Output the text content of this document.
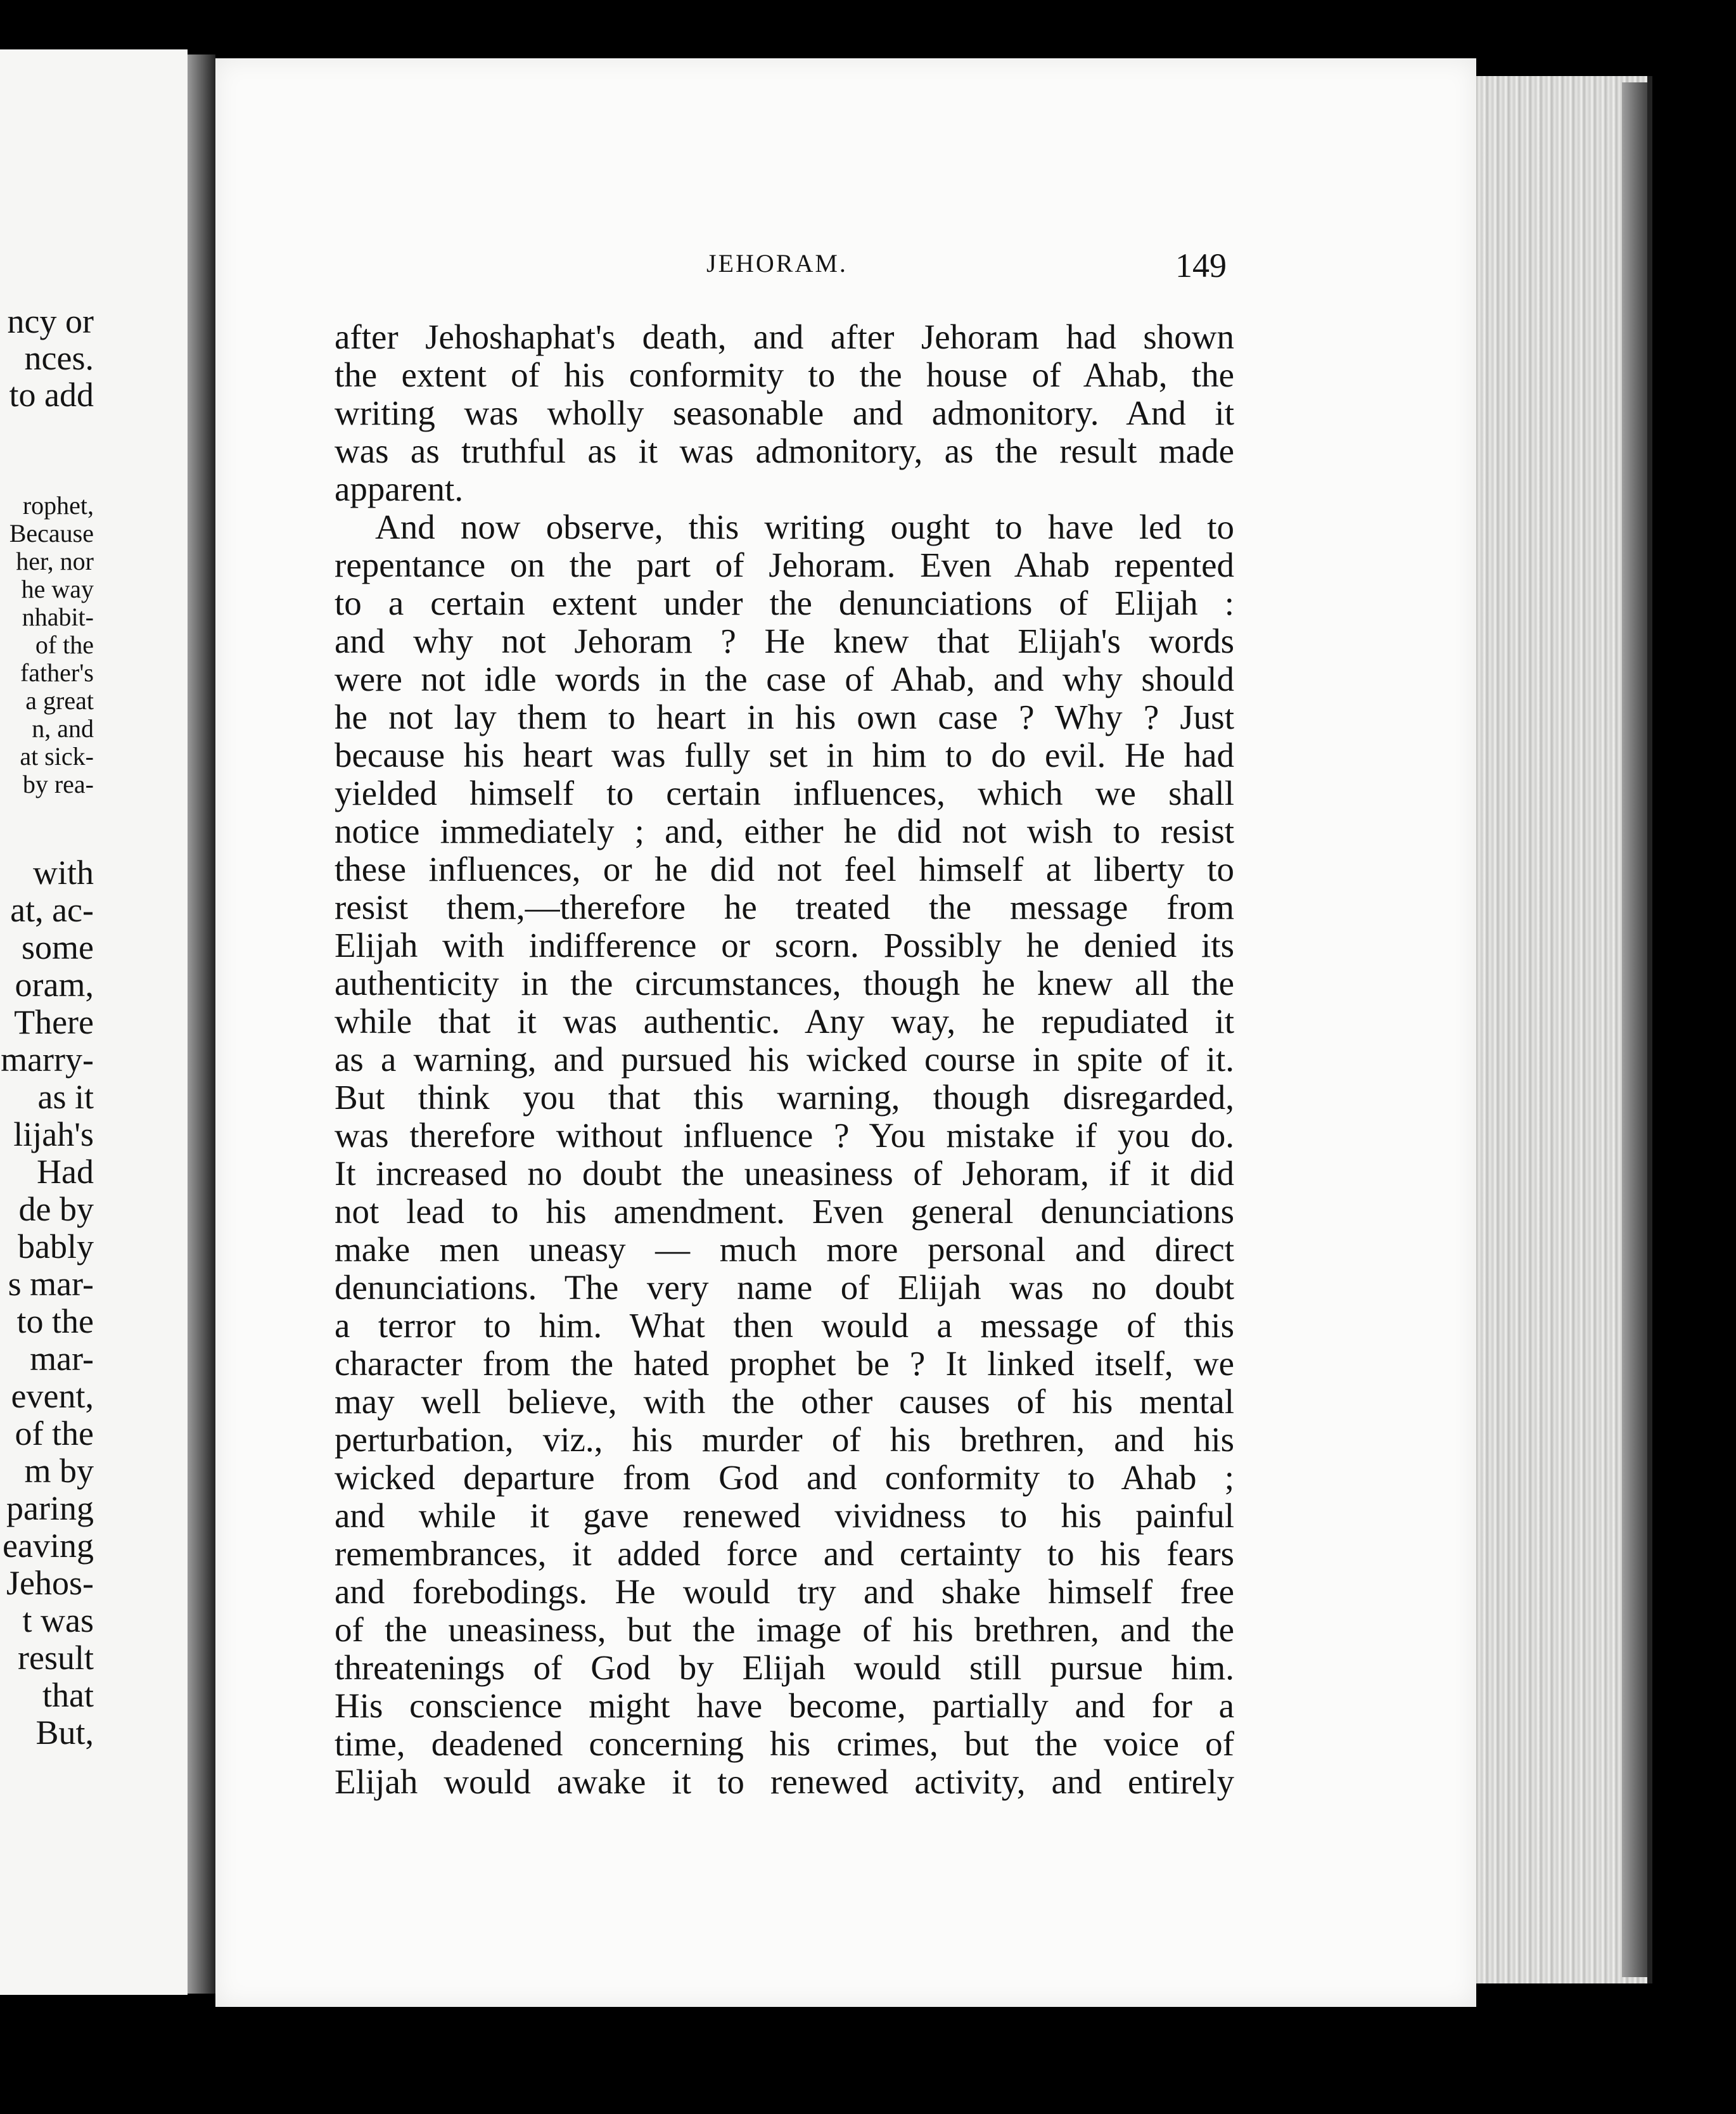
ncy or
nces.
to add
rophet,
Because
her, nor
he way
nhabit-
of the
father's
a great
n, and
at sick-
by rea-
with
at, ac-
some
oram,
There
marry-
as it
lijah's
Had
de by
bably
s mar-
to the
mar-
event,
of the
m by
paring
eaving
Jehos-
t was
result
that
But,
JEHORAM.	149
after Jehoshaphat's death, and after Jehoram had shown
the extent of his conformity to the house of Ahab, the
writing was wholly seasonable and admonitory. And it
was as truthful as it was admonitory, as the result made
apparent.
And now observe, this writing ought to have led to
repentance on the part of Jehoram. Even Ahab repented
to a certain extent under the denunciations of Elijah :
and why not Jehoram ? He knew that Elijah's words
were not idle words in the case of Ahab, and why should
he not lay them to heart in his own case ? Why ? Just
because his heart was fully set in him to do evil. He had
yielded himself to certain influences, which we shall
notice immediately ; and, either he did not wish to resist
these influences, or he did not feel himself at liberty to
resist them,—therefore he treated the message from
Elijah with indifference or scorn. Possibly he denied its
authenticity in the circumstances, though he knew all the
while that it was authentic. Any way, he repudiated it
as a warning, and pursued his wicked course in spite of it.
But think you that this warning, though disregarded,
was therefore without influence ? You mistake if you do.
It increased no doubt the uneasiness of Jehoram, if it did
not lead to his amendment. Even general denunciations
make men uneasy — much more personal and direct
denunciations. The very name of Elijah was no doubt
a terror to him. What then would a message of this
character from the hated prophet be ? It linked itself, we
may well believe, with the other causes of his mental
perturbation, viz., his murder of his brethren, and his
wicked departure from God and conformity to Ahab ;
and while it gave renewed vividness to his painful
remembrances, it added force and certainty to his fears
and forebodings. He would try and shake himself free
of the uneasiness, but the image of his brethren, and the
threatenings of God by Elijah would still pursue him.
His conscience might have become, partially and for a
time, deadened concerning his crimes, but the voice of
Elijah would awake it to renewed activity, and entirely
